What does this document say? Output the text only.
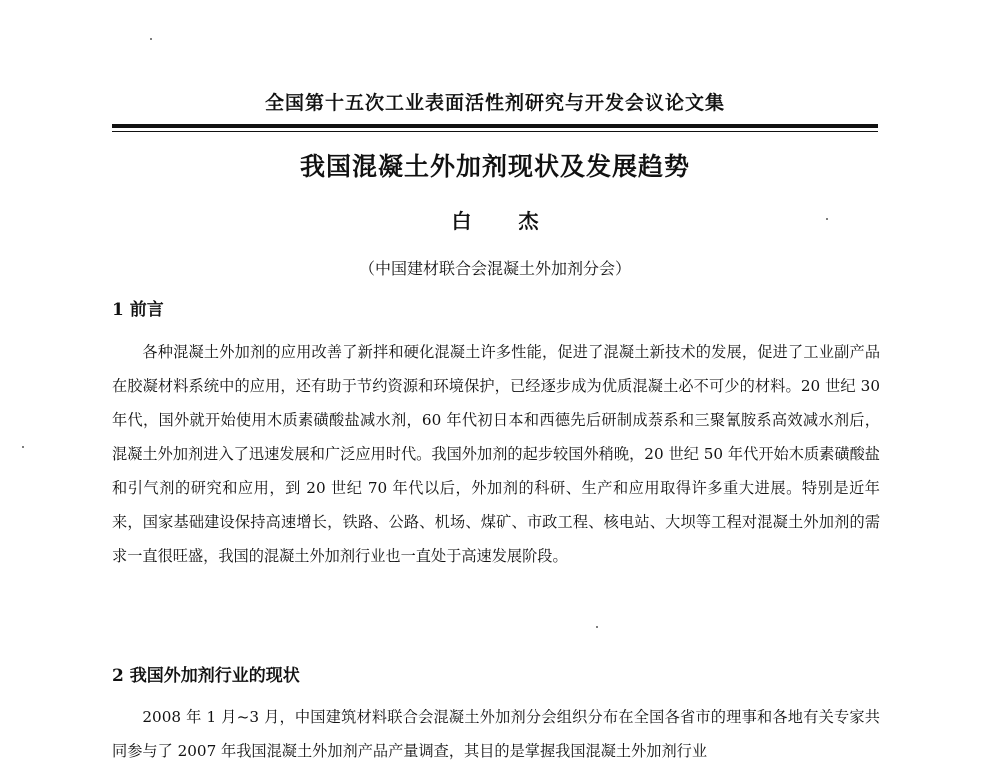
全国第十五次工业表面活性剂研究与开发会议论文集
我国混凝土外加剂现状及发展趋势
白 杰
（中国建材联合会混凝土外加剂分会）
1 前言

各种混凝土外加剂的应用改善了新拌和硬化混凝土许多性能，促进了混凝土新技术的发展，促进了工业副产品在胶凝材料系统中的应用，还有助于节约资源和环境保护，已经逐步成为优质混凝土必不可少的材料。20 世纪 30 年代，国外就开始使用木质素磺酸盐减水剂，60 年代初日本和西德先后研制成萘系和三聚氰胺系高效减水剂后，混凝土外加剂进入了迅速发展和广泛应用时代。我国外加剂的起步较国外稍晚，20 世纪 50 年代开始木质素磺酸盐和引气剂的研究和应用，到 20 世纪 70 年代以后，外加剂的科研、生产和应用取得许多重大进展。特别是近年来，国家基础建设保持高速增长，铁路、公路、机场、煤矿、市政工程、核电站、大坝等工程对混凝土外加剂的需求一直很旺盛，我国的混凝土外加剂行业也一直处于高速发展阶段。

2 我国外加剂行业的现状

2008 年 1 月~3 月，中国建筑材料联合会混凝土外加剂分会组织分布在全国各省市的理事和各地有关专家共同参与了 2007 年我国混凝土外加剂产品产量调查，其目的是掌握我国混凝土外加剂行业
